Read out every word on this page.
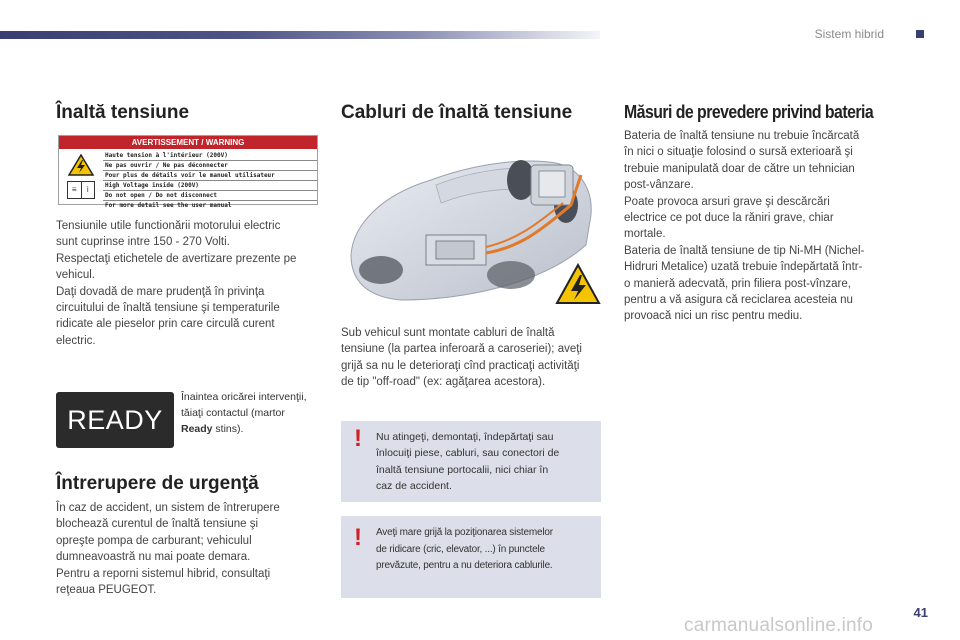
Sistem hibrid
Înaltă tensiune
AVERTISSEMENT / WARNING
≡	i
Haute tension à l'intérieur (200V)
Ne pas ouvrir / Ne pas déconnecter
Pour plus de détails voir le manuel utilisateur
High Voltage inside (200V)
Do not open / Do not disconnect
For more detail see the user manual
Tensiunile utile functionării motorului electric
sunt cuprinse intre 150 - 270 Volti.
Respectaţi etichetele de avertizare prezente pe
vehicul.
Daţi dovadă de mare prudenţă în privinţa
circuitului de înaltă tensiune şi temperaturile
ridicate ale pieselor prin care circulă curent
electric.
READY
Înaintea oricărei intervenţii,
tăiaţi contactul (martor
Ready stins).
Întrerupere de urgenţă
În caz de accident, un sistem de întrerupere
blochează curentul de înaltă tensiune şi
opreşte pompa de carburant; vehiculul
dumneavoastră nu mai poate demara.
Pentru a reporni sistemul hibrid, consultaţi
reţeaua PEUGEOT.
Cabluri de înaltă tensiune
Sub vehicul sunt montate cabluri de înaltă
tensiune (la partea inferoară a caroseriei); aveţi
grijă sa nu le deterioraţi cînd practicaţi activităţi
de tip "off-road" (ex: agăţarea acestora).
! Nu atingeţi, demontaţi, îndepărtaţi sau
înlocuiţi piese, cabluri, sau conectori de
înaltă tensiune portocalii, nici chiar în
caz de accident.
! Aveţi mare grijă la poziţionarea sistemelor
de ridicare (cric, elevator, ...) în punctele
prevăzute, pentru a nu deteriora cablurile.
Măsuri de prevedere privind bateria
Bateria de înaltă tensiune nu trebuie încărcată
în nici o situaţie folosind o sursă exterioară şi
trebuie manipulată doar de către un tehnician
post-vânzare.
Poate provoca arsuri grave şi descărcări
electrice ce pot duce la răniri grave, chiar
mortale.
Bateria de înaltă tensiune de tip Ni-MH (Nichel-
Hidruri Metalice) uzată trebuie îndepărtată într-
o manieră adecvată, prin filiera post-vînzare,
pentru a vă asigura că reciclarea acesteia nu
provoacă nici un risc pentru mediu.
41
carmanualsonline.info
